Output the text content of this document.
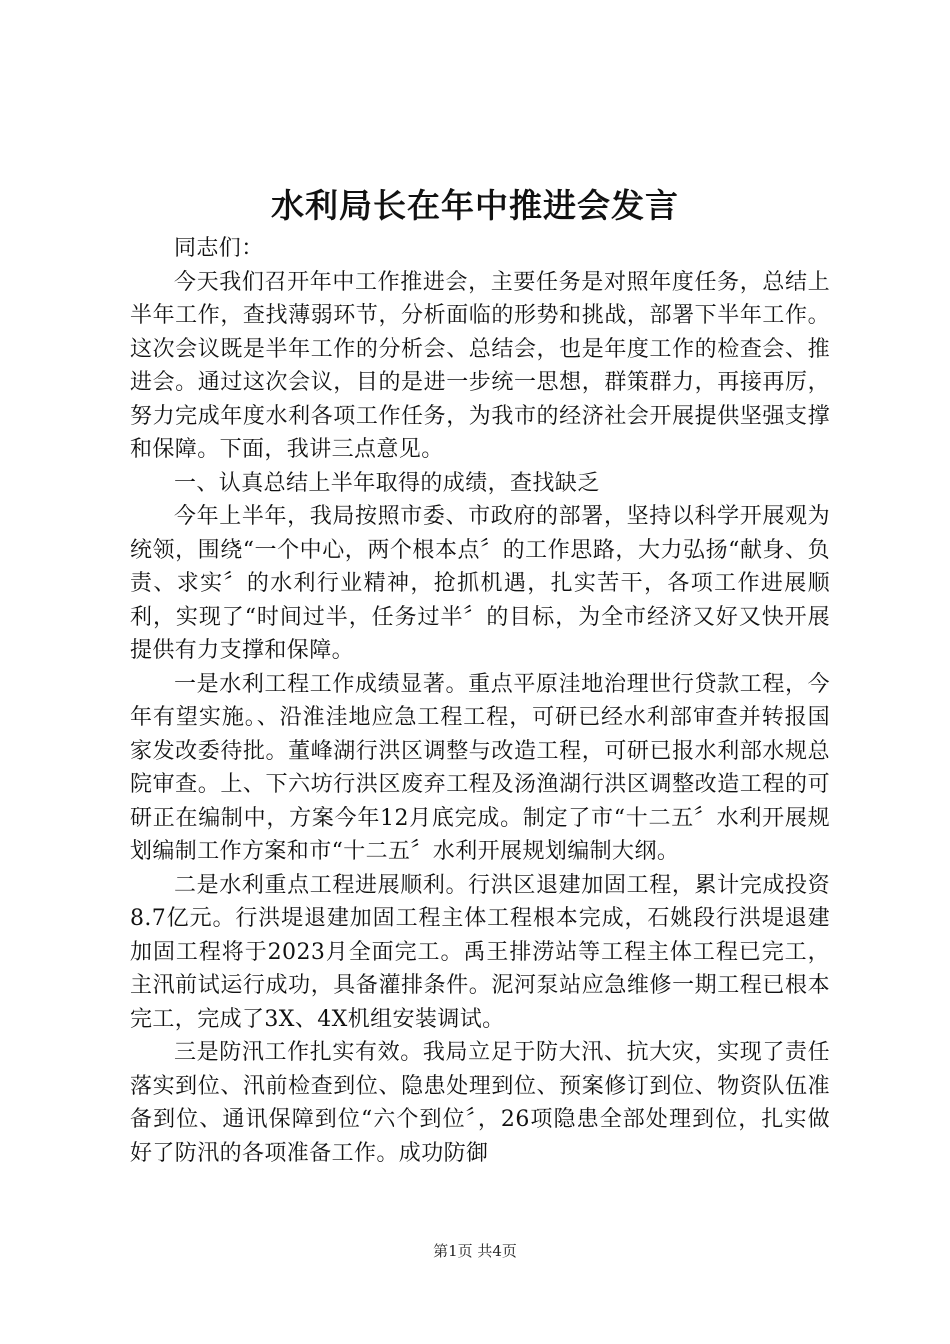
水利局长在年中推进会发言

同志们：

今天我们召开年中工作推进会，主要任务是对照年度任务，总结上半年工作，查找薄弱环节，分析面临的形势和挑战，部署下半年工作。这次会议既是半年工作的分析会、总结会，也是年度工作的检查会、推进会。通过这次会议，目的是进一步统一思想，群策群力，再接再厉，努力完成年度水利各项工作任务，为我市的经济社会开展提供坚强支撑和保障。下面，我讲三点意见。

一、认真总结上半年取得的成绩，查找缺乏

今年上半年，我局按照市委、市政府的部署，坚持以科学开展观为统领，围绕“一个中心，两个根本点〞的工作思路，大力弘扬“献身、负责、求实〞的水利行业精神，抢抓机遇，扎实苦干，各项工作进展顺利，实现了“时间过半，任务过半〞的目标，为全市经济又好又快开展提供有力支撑和保障。

一是水利工程工作成绩显著。重点平原洼地治理世行贷款工程，今年有望实施。、沿淮洼地应急工程工程，可研已经水利部审查并转报国家发改委待批。董峰湖行洪区调整与改造工程，可研已报水利部水规总院审查。上、下六坊行洪区废弃工程及汤渔湖行洪区调整改造工程的可研正在编制中，方案今年12月底完成。制定了市“十二五〞水利开展规划编制工作方案和市“十二五〞水利开展规划编制大纲。

二是水利重点工程进展顺利。行洪区退建加固工程，累计完成投资8.7亿元。行洪堤退建加固工程主体工程根本完成，石姚段行洪堤退建加固工程将于2023月全面完工。禹王排涝站等工程主体工程已完工，主汛前试运行成功，具备灌排条件。泥河泵站应急维修一期工程已根本完工，完成了3X、4X机组安装调试。

三是防汛工作扎实有效。我局立足于防大汛、抗大灾，实现了责任落实到位、汛前检查到位、隐患处理到位、预案修订到位、物资队伍准备到位、通讯保障到位“六个到位〞，26项隐患全部处理到位，扎实做好了防汛的各项准备工作。成功防御

第1页 共4页
